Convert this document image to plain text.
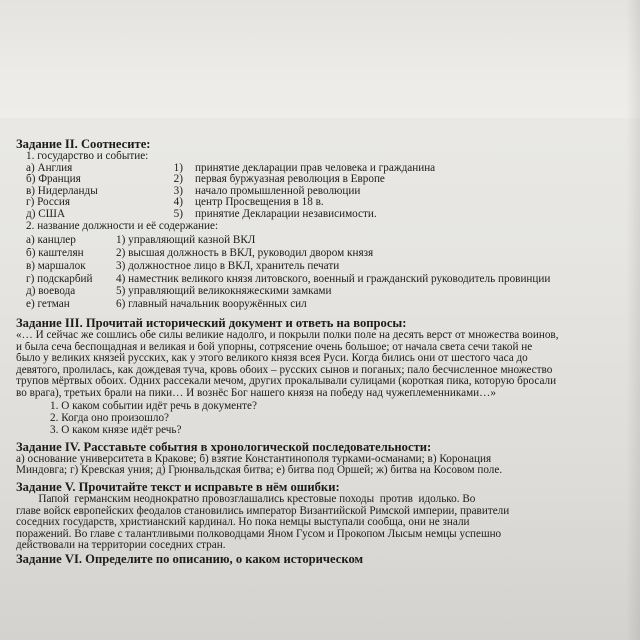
Задание II. Соотнесите:
1. государство и событие:
а) Англия	1)	принятие декларации прав человека и гражданина
б) Франция	2)	первая буржуазная революция в Европе
в) Нидерланды	3)	начало промышленной революции
г) Россия	4)	центр Просвещения в 18 в.
д) США	5)	принятие Декларации независимости.
2. название должности и её содержание:
а) канцлер	1) управляющий казной ВКЛ
б) каштелян	2) высшая должность в ВКЛ, руководил двором князя
в) маршалок	3) должностное лицо в ВКЛ, хранитель печати
г) подскарбий	4) наместник великого князя литовского, военный и гражданский руководитель провинции
д) воевода	5) управляющий великокняжескими замками
е) гетман	6) главный начальник вооружённых сил
Задание III. Прочитай исторический документ и ответь на вопросы:
«… И сейчас же сошлись обе силы великие надолго, и покрыли полки поле на десять верст от множества воинов,
и была сеча беспощадная и великая и бой упорны, сотрясение очень большое; от начала света сечи такой не
было у великих князей русских, как у этого великого князя всея Руси. Когда бились они от шестого часа до
девятого, пролилась, как дождевая туча, кровь обоих – русских сынов и поганых; пало бесчисленное множество
трупов мёртвых обоих. Одних рассекали мечом, других прокалывали сулицами (короткая пика, которую бросали
во врага), третьих брали на пики… И вознёс Бог нашего князя на победу над чужеплеменниками…»
1. О каком событии идёт речь в документе?
2. Когда оно произошло?
3. О каком князе идёт речь?
Задание IV. Расставьте события в хронологической последовательности:
а) основание университета в Кракове; б) взятие Константинополя турками-османами; в) Коронация
Миндовга; г) Кревская уния; д) Грюнвальдская битва; е) битва под Оршей; ж) битва на Косовом поле.
Задание V. Прочитайте текст и исправьте в нём ошибки:
Папой  германским неоднократно провозглашались крестовые походы  против  идолько. Во
главе войск европейских феодалов становились император Византийской Римской империи, правители
соседних государств, христианский кардинал. Но пока немцы выступали сообща, они не знали
поражений. Во главе с талантливыми полководцами Яном Гусом и Прокопом Лысым немцы успешно
действовали на территории соседних стран.
Задание VI. Определите по описанию, о каком историческом
